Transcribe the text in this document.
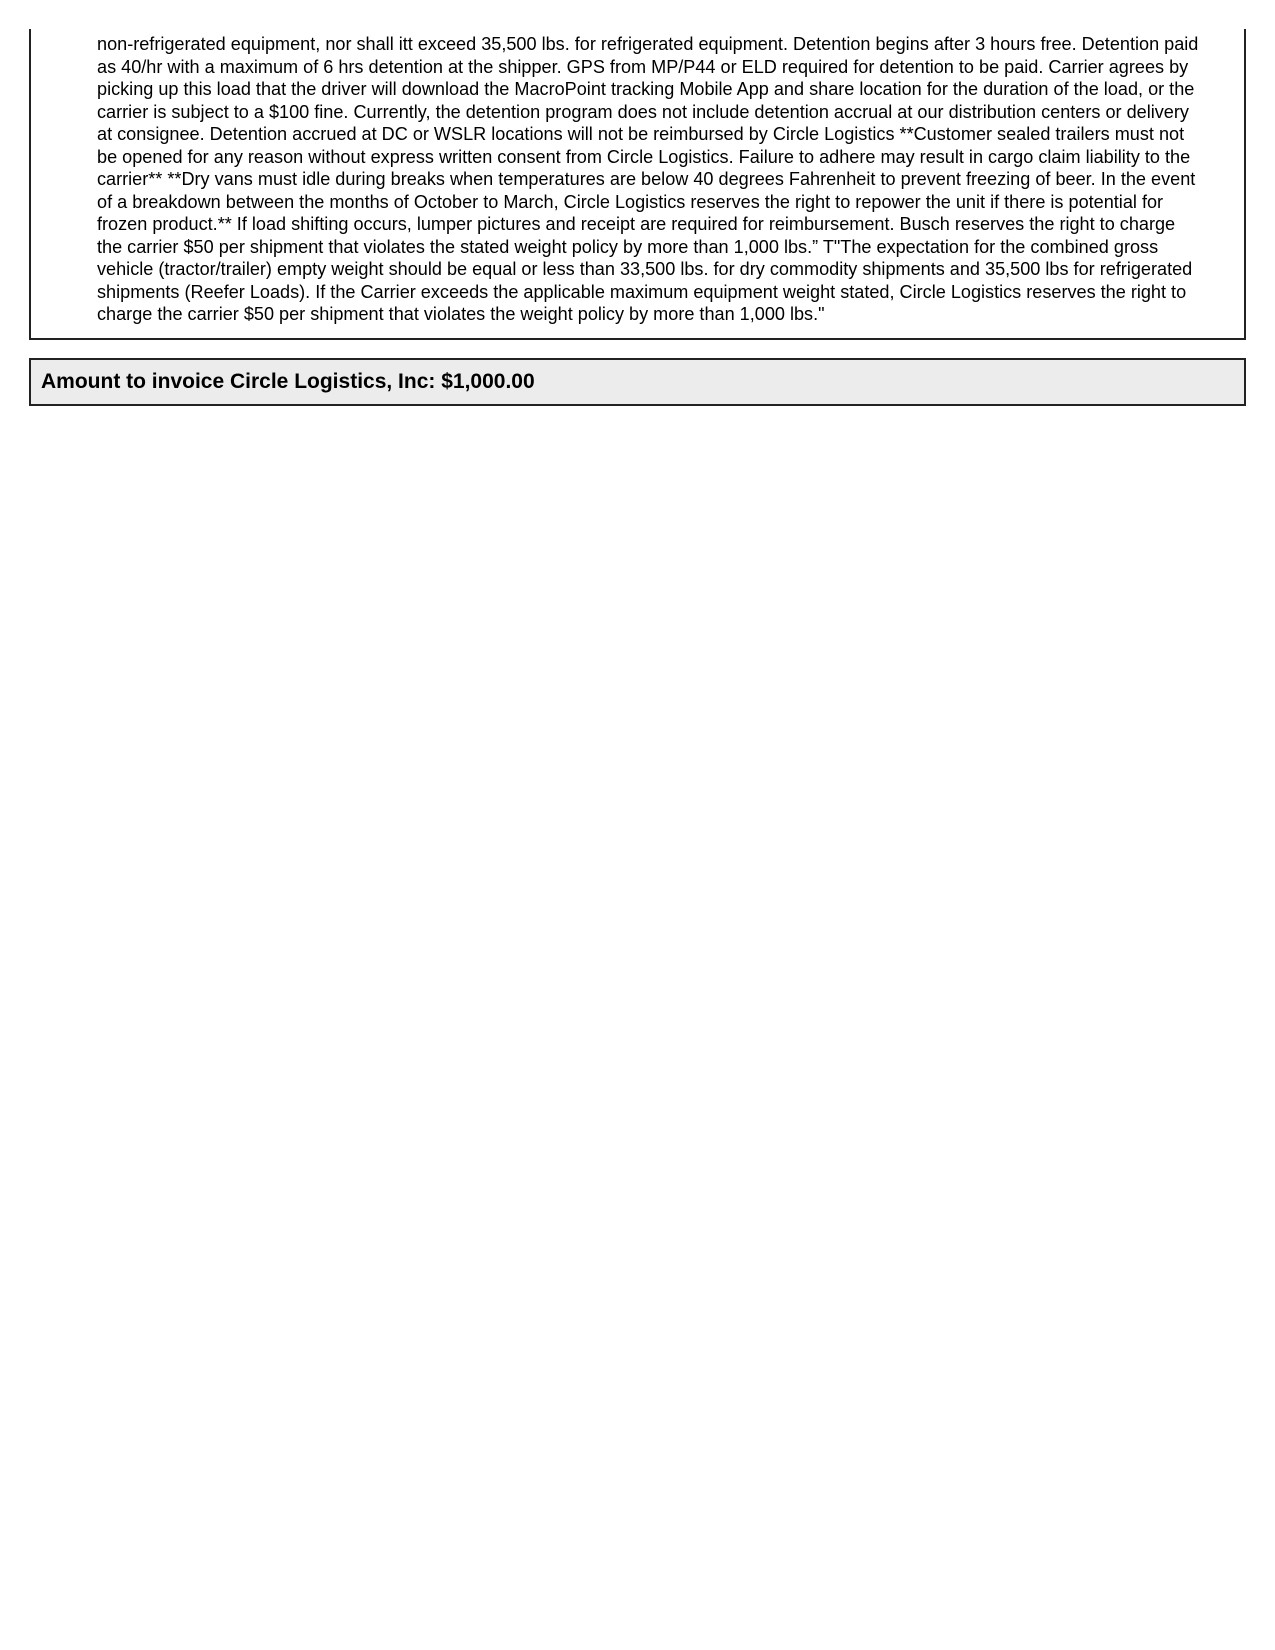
non-refrigerated equipment, nor shall itt exceed 35,500 lbs. for refrigerated equipment. Detention begins after 3 hours free. Detention paid
as 40/hr with a maximum of 6 hrs detention at the shipper. GPS from MP/P44 or ELD required for detention to be paid. Carrier agrees by
picking up this load that the driver will download the MacroPoint tracking Mobile App and share location for the duration of the load, or the
carrier is subject to a $100 fine. Currently, the detention program does not include detention accrual at our distribution centers or delivery
at consignee. Detention accrued at DC or WSLR locations will not be reimbursed by Circle Logistics **Customer sealed trailers must not
be opened for any reason without express written consent from Circle Logistics. Failure to adhere may result in cargo claim liability to the
carrier** **Dry vans must idle during breaks when temperatures are below 40 degrees Fahrenheit to prevent freezing of beer. In the event
of a breakdown between the months of October to March, Circle Logistics reserves the right to repower the unit if there is potential for
frozen product.** If load shifting occurs, lumper pictures and receipt are required for reimbursement. Busch reserves the right to charge
the carrier $50 per shipment that violates the stated weight policy by more than 1,000 lbs.” T"The expectation for the combined gross
vehicle (tractor/trailer) empty weight should be equal or less than 33,500 lbs. for dry commodity shipments and 35,500 lbs for refrigerated
shipments (Reefer Loads). If the Carrier exceeds the applicable maximum equipment weight stated, Circle Logistics reserves the right to
charge the carrier $50 per shipment that violates the weight policy by more than 1,000 lbs."

Amount to invoice Circle Logistics, Inc: $1,000.00
